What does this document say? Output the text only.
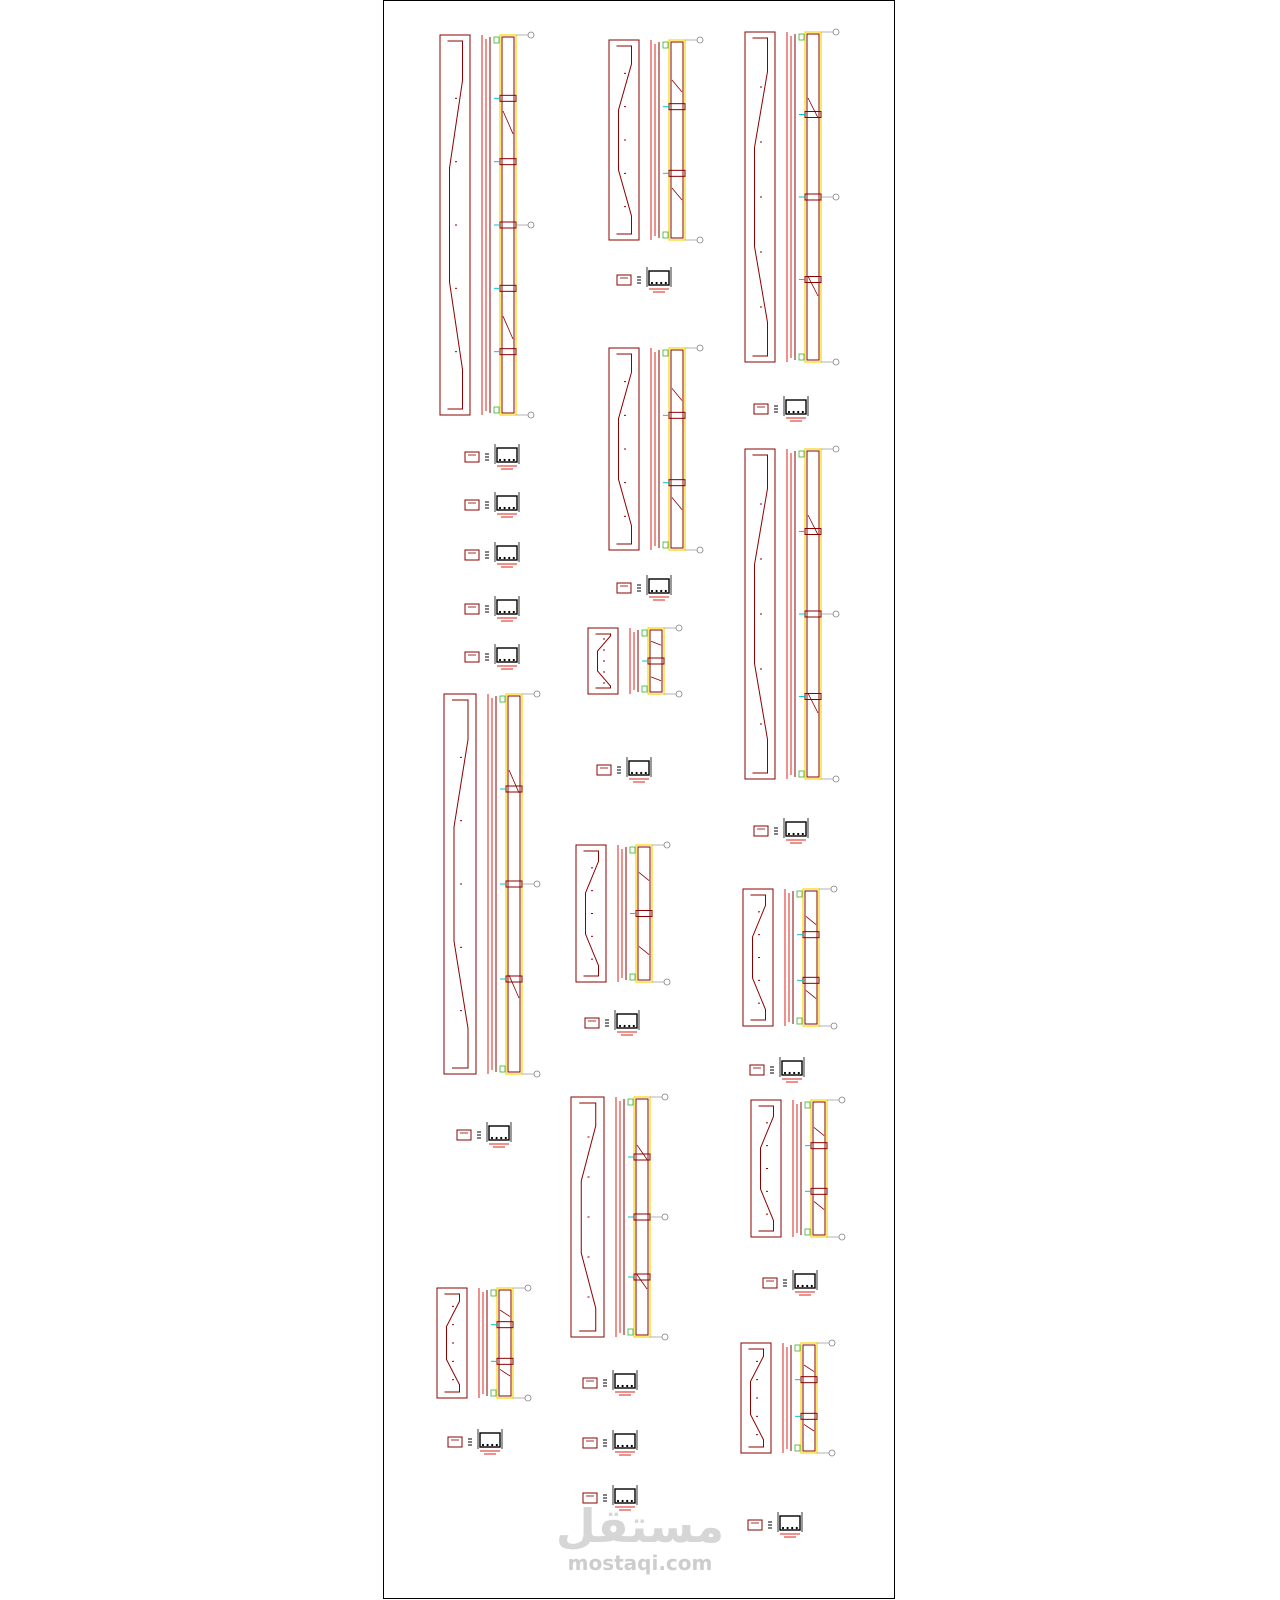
مستقل
mostaqi.com
